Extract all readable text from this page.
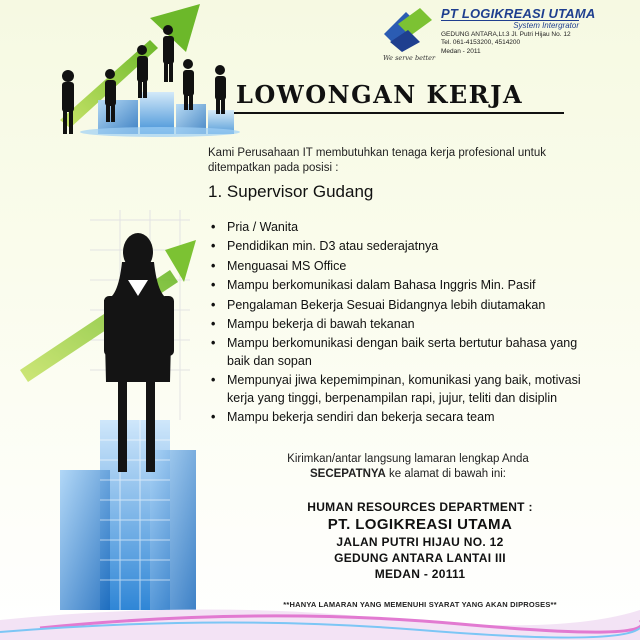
PT LOGIKREASI UTAMA
System Intergrator
GEDUNG ANTARA,Lt.3 Jl. Putri Hijau No. 12
Tel. 061-4153200, 4514200
Medan - 2011
We serve better
LOWONGAN KERJA
Kami Perusahaan IT membutuhkan tenaga kerja profesional untuk ditempatkan pada posisi :
1. Supervisor Gudang
• Pria / Wanita
• Pendidikan min. D3 atau sederajatnya
• Menguasai MS Office
• Mampu berkomunikasi dalam Bahasa Inggris Min. Pasif
• Pengalaman Bekerja Sesuai Bidangnya lebih diutamakan
• Mampu bekerja di bawah tekanan
• Mampu berkomunikasi dengan baik serta bertutur bahasa yang baik dan sopan
• Mempunyai jiwa kepemimpinan, komunikasi yang baik, motivasi kerja yang tinggi, berpenampilan rapi, jujur, teliti dan disiplin
• Mampu bekerja sendiri dan bekerja secara team
Kirimkan/antar langsung lamaran lengkap Anda
SECEPATNYA ke alamat di bawah ini:
HUMAN RESOURCES DEPARTMENT :
PT. LOGIKREASI UTAMA
JALAN PUTRI HIJAU NO. 12
GEDUNG ANTARA LANTAI III
MEDAN - 20111
**HANYA LAMARAN YANG MEMENUHI SYARAT YANG AKAN DIPROSES**
